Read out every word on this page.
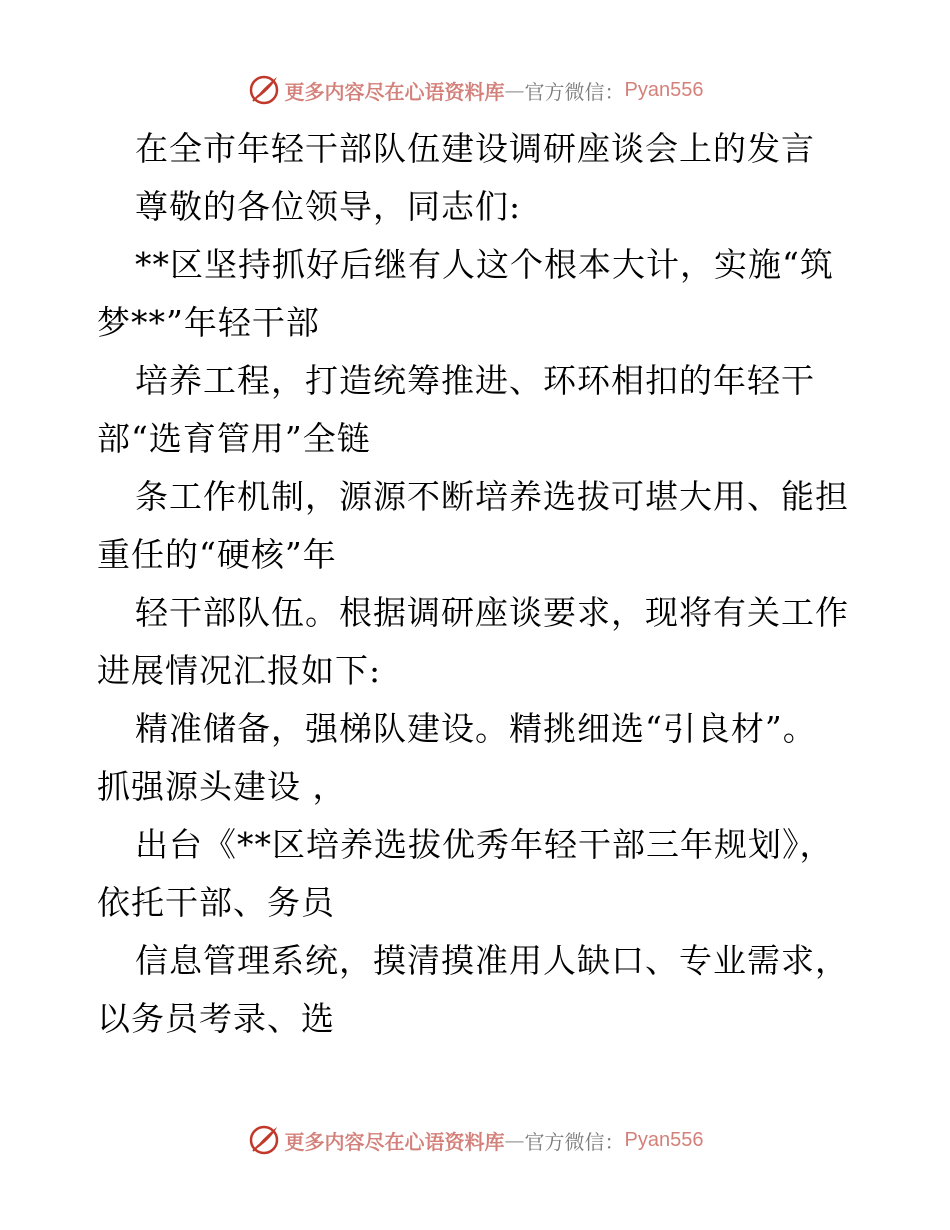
更多内容尽在心语资料库 — 官方微信： Pyan556
在全市年轻干部队伍建设调研座谈会上的发言
尊敬的各位领导，同志们:
**区坚持抓好后继有人这个根本大计，实施“筑
梦**”年轻干部
培养工程，打造统筹推进、环环相扣的年轻干
部“选育管用”全链
条工作机制，源源不断培养选拔可堪大用、能担
重任的“硬核”年
轻干部队伍。根据调研座谈要求，现将有关工作
进展情况汇报如下:
精准储备，强梯队建设。精挑细选“引良材”。
抓强源头建设 ，
出台《**区培养选拔优秀年轻干部三年规划》，
依托干部、务员
信息管理系统，摸清摸准用人缺口、专业需求，
以务员考录、选
更多内容尽在心语资料库 — 官方微信： Pyan556
